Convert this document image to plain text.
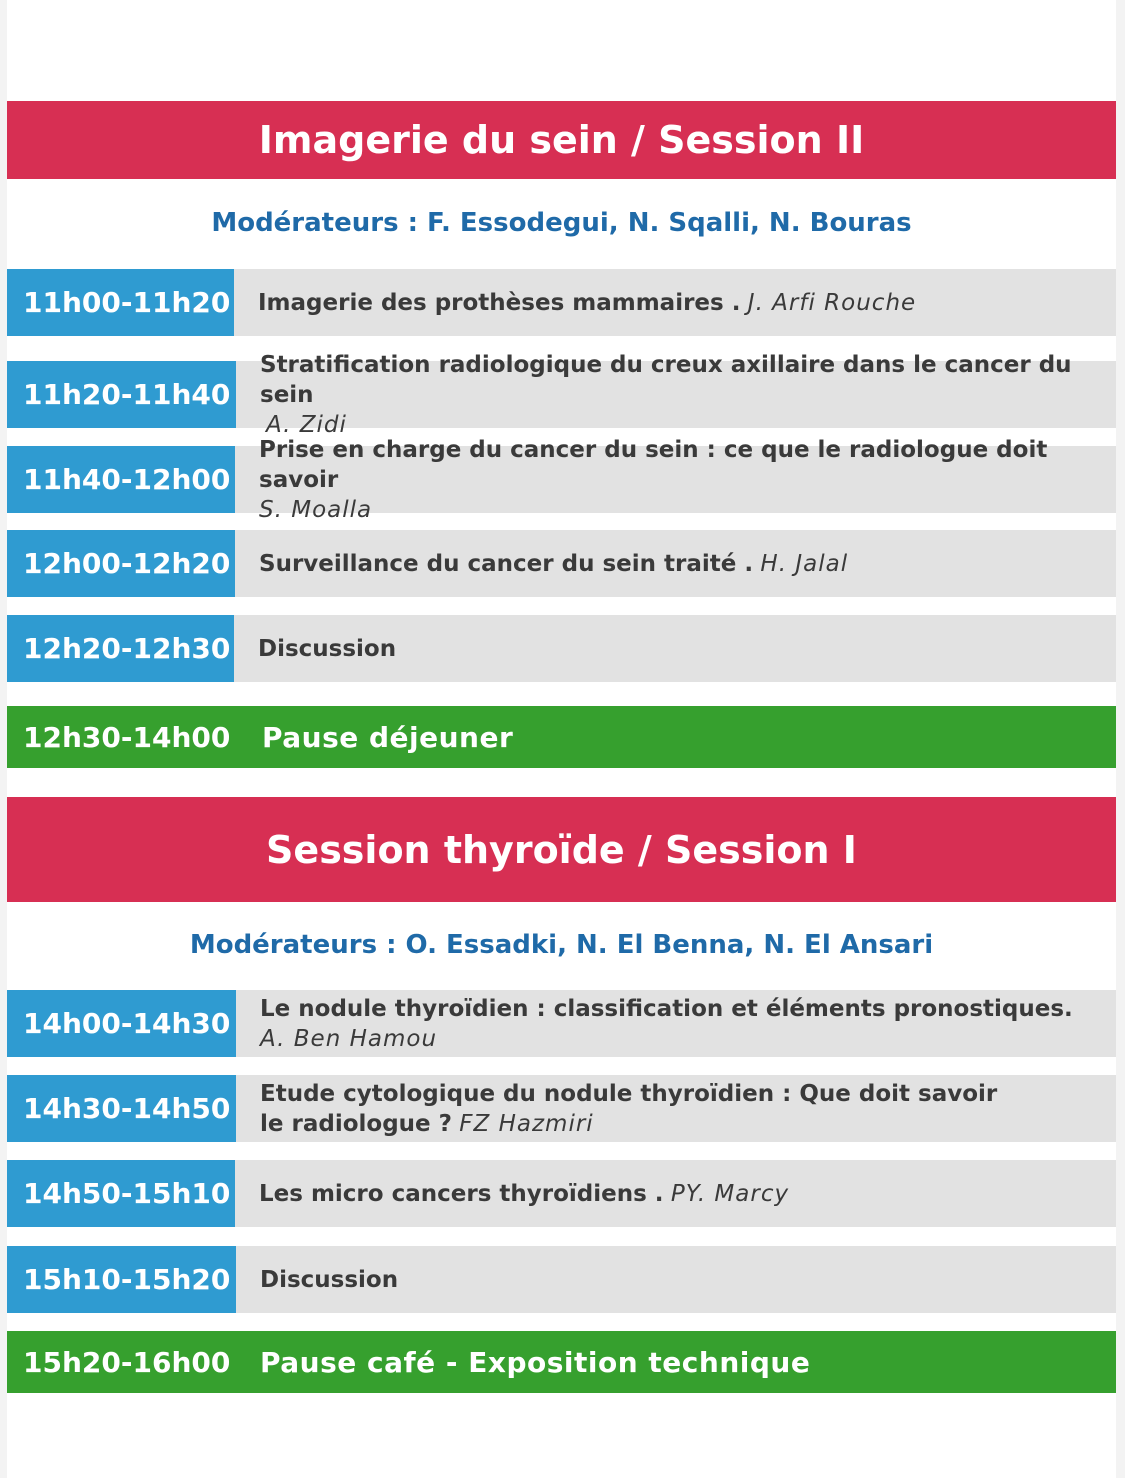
Imagerie du sein / Session II
Modérateurs : F. Essodegui, N. Sqalli, N. Bouras
11h00-11h20 Imagerie des prothèses mammaires . J. Arfi Rouche
11h20-11h40
Stratification radiologique du creux axillaire dans le cancer du sein
A. Zidi
11h40-12h00
Prise en charge du cancer du sein : ce que le radiologue doit savoir
S. Moalla
12h00-12h20 Surveillance du cancer du sein traité . H. Jalal
12h20-12h30 Discussion
12h30-14h00 Pause déjeuner
Session thyroïde / Session I
Modérateurs : O. Essadki, N. El Benna, N. El Ansari
14h00-14h30 Le nodule thyroïdien : classification et éléments pronostiques.
A. Ben Hamou
14h30-14h50 Etude cytologique du nodule thyroïdien : Que doit savoir
le radiologue ? FZ Hazmiri
14h50-15h10 Les micro cancers thyroïdiens . PY. Marcy
15h10-15h20 Discussion
15h20-16h00 Pause café - Exposition technique
